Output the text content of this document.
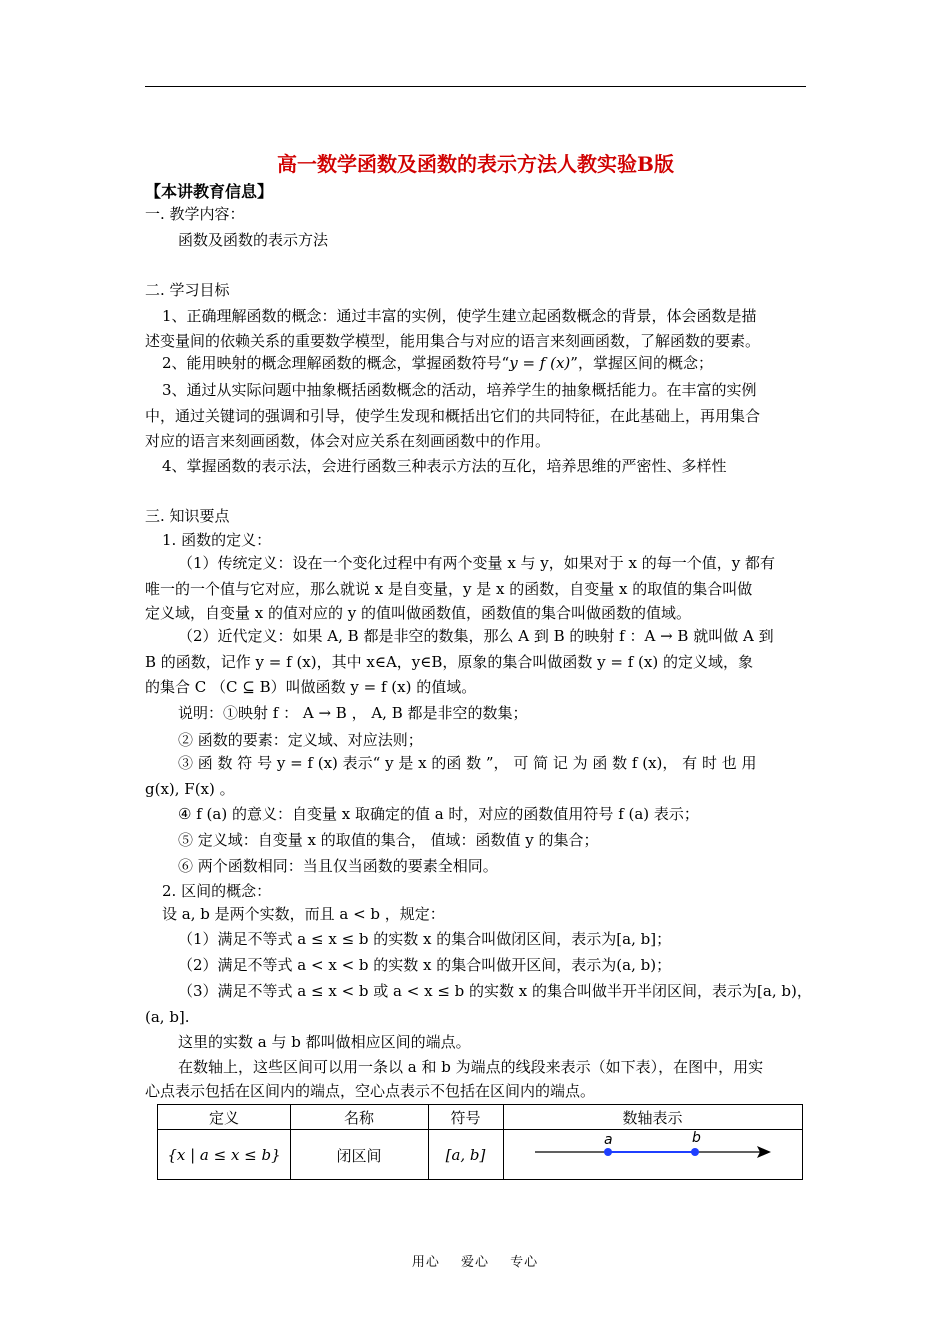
高一数学函数及函数的表示方法人教实验B版
【本讲教育信息】
一. 教学内容：
函数及函数的表示方法
二. 学习目标
1、正确理解函数的概念：通过丰富的实例，使学生建立起函数概念的背景，体会函数是描
述变量间的依赖关系的重要数学模型，能用集合与对应的语言来刻画函数，了解函数的要素。
2、能用映射的概念理解函数的概念，掌握函数符号“y = f (x)”，掌握区间的概念；
3、通过从实际问题中抽象概括函数概念的活动，培养学生的抽象概括能力。在丰富的实例
中，通过关键词的强调和引导，使学生发现和概括出它们的共同特征，在此基础上，再用集合
对应的语言来刻画函数，体会对应关系在刻画函数中的作用。
4、掌握函数的表示法，会进行函数三种表示方法的互化，培养思维的严密性、多样性
三. 知识要点
1. 函数的定义：
（1）传统定义：设在一个变化过程中有两个变量 x 与 y，如果对于 x 的每一个值，y 都有
唯一的一个值与它对应，那么就说 x 是自变量，y 是 x 的函数，自变量 x 的取值的集合叫做
定义域，自变量 x 的值对应的 y 的值叫做函数值，函数值的集合叫做函数的值域。
（2）近代定义：如果 A, B 都是非空的数集，那么 A 到 B 的映射 f ：A → B 就叫做 A 到
B 的函数，记作 y = f (x)，其中 x∈A，y∈B，原象的集合叫做函数 y = f (x) 的定义域，象
的集合 C （C ⊆ B）叫做函数 y = f (x) 的值域。
说明：①映射 f ： A → B ， A, B 都是非空的数集；
② 函数的要素：定义域、对应法则；
③ 函 数 符 号 y = f (x) 表示“ y 是 x 的函 数 ”， 可 简 记 为 函 数 f (x)， 有 时 也 用
g(x), F(x) 。
④ f (a) 的意义：自变量 x 取确定的值 a 时，对应的函数值用符号 f (a) 表示；
⑤ 定义域：自变量 x 的取值的集合， 值域：函数值 y 的集合；
⑥ 两个函数相同：当且仅当函数的要素全相同。
2. 区间的概念：
设 a, b 是两个实数，而且 a < b ，规定：
（1）满足不等式 a ≤ x ≤ b 的实数 x 的集合叫做闭区间，表示为[a, b]；
（2）满足不等式 a < x < b 的实数 x 的集合叫做开区间，表示为(a, b)；
（3）满足不等式 a ≤ x < b 或 a < x ≤ b 的实数 x 的集合叫做半开半闭区间，表示为[a, b)，
(a, b].
这里的实数 a 与 b 都叫做相应区间的端点。
在数轴上，这些区间可以用一条以 a 和 b 为端点的线段来表示（如下表），在图中，用实
心点表示包括在区间内的端点，空心点表示不包括在区间内的端点。
定义	名称	符号	数轴表示
{x | a ≤ x ≤ b}	闭区间	[a, b]
a	b
用心 爱心 专心
